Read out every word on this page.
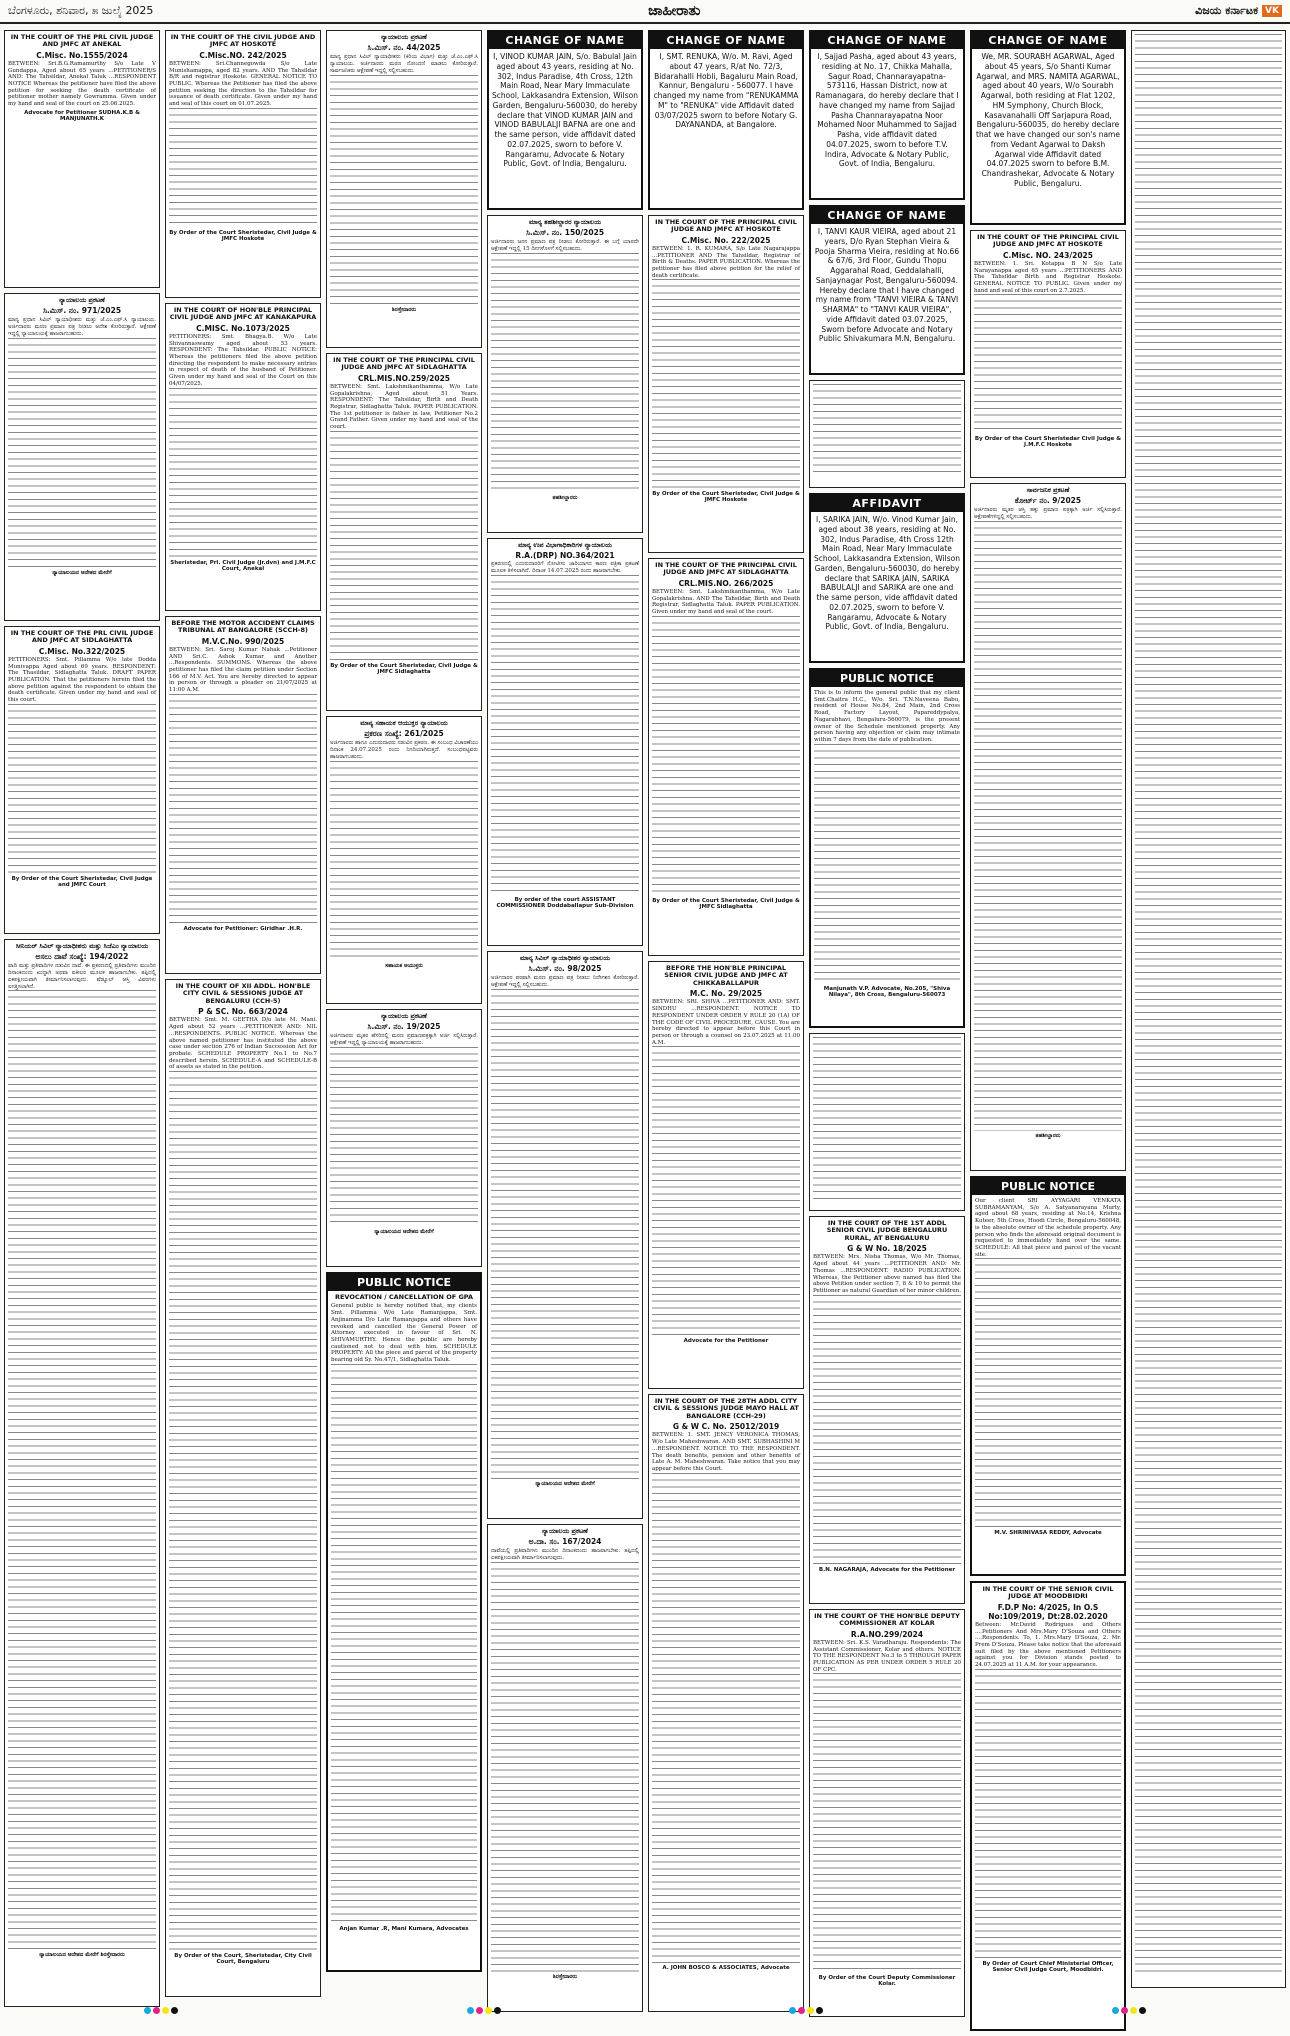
ಬೆಂಗಳೂರು, ಶನಿವಾರ, ೫ ಜುಲೈ 2025	ಜಾಹೀರಾತು	ವಿಜಯ ಕರ್ನಾಟಕ VK
IN THE COURT OF THE PRL CIVIL JUDGE AND JMFC AT ANEKAL
C.Misc. No.1555/2024

BETWEEN: Sri.B.G.Ramamurthy S/o Late V Gundappa, Aged about 65 years ...PETITIONER/S AND: The Tahsildar, Anekal Taluk ...RESPONDENT NOTICE Whereas the petitioner have filed the above petition for seeking the death certificate of petitioner mother namely Gowramma. Given under my hand and seal of the court on 25.06.2025.

Advocate for Petitioner SUDHA.K.B & MANJUNATH.K
ನ್ಯಾಯಾಲಯ ಪ್ರಕಟಣೆ
ಸಿ.ಮಿಸ್. ನಂ. 971/2025

ಮಾನ್ಯ ಪ್ರಧಾನ ಸಿವಿಲ್ ನ್ಯಾಯಾಧೀಶರು ಮತ್ತು ಜೆ.ಎಂ.ಎಫ್.ಸಿ ನ್ಯಾಯಾಲಯ. ಅರ್ಜಿದಾರರು ಮರಣ ಪ್ರಮಾಣ ಪತ್ರ ನೀಡಲು ಆದೇಶ ಕೋರಿರುತ್ತಾರೆ. ಆಕ್ಷೇಪಣೆ ಇದ್ದಲ್ಲಿ ನ್ಯಾಯಾಲಯಕ್ಕೆ ಹಾಜರಾಗಬಹುದು.

ನ್ಯಾಯಾಲಯದ ಆದೇಶದ ಮೇರೆಗೆ
IN THE COURT OF THE PRL CIVIL JUDGE AND JMFC AT SIDLAGHATTA
C.Misc. No.322/2025

PETITIONERS: Smt. Pillamma W/o late Dodda Munivappa Aged about 69 years. RESPONDENT: The Thasildar, Sidlaghatta Taluk. DRAFT PAPER PUBLICATION. That the petitioners herein filed the above petition against the respondent to obtain the death certificate. Given under my hand and seal of this court.

By Order of the Court Sheristedar, Civil Judge and JMFC Court
ಸೀನಿಯರ್ ಸಿವಿಲ್ ನ್ಯಾಯಾಧೀಶರು ಮತ್ತು ಸಿಜೆಎಂ ನ್ಯಾಯಾಲಯ
ಅಸಲು ದಾವೆ ಸಂಖ್ಯೆ: 194/2022

ವಾದಿ ಮತ್ತು ಪ್ರತಿವಾದಿಗಳ ನಡುವಿನ ದಾವೆ. ಈ ಪ್ರಕರಣದಲ್ಲಿ ಪ್ರತಿವಾದಿಗಳು ಮುಂದಿನ ದಿನಾಂಕದಂದು ಖುದ್ದಾಗಿ ಅಥವಾ ವಕೀಲರ ಮೂಲಕ ಹಾಜರಾಗಬೇಕು. ತಪ್ಪಿದಲ್ಲಿ ಏಕಪಕ್ಷೀಯವಾಗಿ ತೀರ್ಮಾನಿಸಲಾಗುವುದು. ಷೆಡ್ಯೂಲ್ ಆಸ್ತಿ ವಿವರಗಳು ಲಗತ್ತಿಸಲಾಗಿದೆ.

ನ್ಯಾಯಾಲಯದ ಆದೇಶದ ಮೇರೆಗೆ ಶಿರಸ್ತೇದಾರರು
IN THE COURT OF THE CIVIL JUDGE AND JMFC AT HOSKOTE
C.Misc.NO. 242/2025

BETWEEN: Sri.Channegowda S/o Late Munishamappa, aged 82 years. AND The Tahsildar B/R and registrar Hoskote. GENERAL NOTICE TO PUBLIC. Whereas the Petitioner has filed the above petition seeking the direction to the Tahsildar for issuance of death certificate. Given under my hand and seal of this court on 01.07.2025.

By Order of the Court Sheristedar, Civil Judge & JMFC Hoskote
IN THE COURT OF HON'BLE PRINCIPAL CIVIL JUDGE AND JMFC AT KANAKAPURA
C.MISC. No.1073/2025

PETITIONERS: Smt. Bhagya.B. W/o Late Shivannaswamy aged about 53 years. RESPONDENT: The Tahsildar. PUBLIC NOTICE: Whereas the petitioners filed the above petition directing the respondent to make necessary entries in respect of death of the husband of Petitioner. Given under my hand and seal of the Court on this 04/07/2025.

Sheristedar, Prl. Civil Judge (Jr.dvn) and J.M.F.C Court, Anekal
BEFORE THE MOTOR ACCIDENT CLAIMS TRIBUNAL AT BANGALORE (SCCH-8)
M.V.C.No. 990/2025

BETWEEN: Sri. Saroj Kumar Nahak ...Petitioner AND Sri.C. Ashok Kumar and Another ...Respondents. SUMMONS. Whereas the above petitioner has filed the claim petition under Section 166 of M.V. Act. You are hereby directed to appear in person or through a pleader on 21/07/2025 at 11:00 A.M.

Advocate for Petitioner: Giridhar .H.R.
IN THE COURT OF XII ADDL. HON'BLE CITY CIVIL & SESSIONS JUDGE AT BENGALURU (CCH-5)
P & SC. No. 663/2024

BETWEEN: Smt. M. GEETHA D/o late M. Mani. Aged about 52 years ...PETITIONER AND: NIL ...RESPONDENTS. PUBLIC NOTICE. Whereas the above named petitioner has instituted the above case under section 276 of Indian Succession Act for probate. SCHEDULE PROPERTY No.1 to No.7 described herein. SCHEDULE-A and SCHEDULE-B of assets as stated in the petition.

By Order of the Court, Sheristedar, City Civil Court, Bengaluru
ನ್ಯಾಯಾಲಯ ಪ್ರಕಟಣೆ
ಸಿ.ಮಿಸ್. ನಂ. 44/2025

ಮಾನ್ಯ ಪ್ರಧಾನ ಸಿವಿಲ್ ನ್ಯಾಯಾಧೀಶರು (ಕಿರಿಯ ವಿಭಾಗ) ಮತ್ತು ಜೆ.ಎಂ.ಎಫ್.ಸಿ ನ್ಯಾಯಾಲಯ. ಅರ್ಜಿದಾರರು ಮರಣ ನೋಂದಣಿ ಮಾಡಲು ಕೋರಿರುತ್ತಾರೆ. ಸಾರ್ವಜನಿಕರು ಆಕ್ಷೇಪಣೆ ಇದ್ದಲ್ಲಿ ಸಲ್ಲಿಸಬಹುದು.

ಶಿರಸ್ತೇದಾರರು
IN THE COURT OF THE PRINCIPAL CIVIL JUDGE AND JMFC AT SIDLAGHATTA
CRL.MIS.NO.259/2025

BETWEEN: Smt. Lakshmikanthamma, W/o Late Gopalakrishna, Aged about 51 Years. RESPONDENT: The Tahsildar, Birth and Death Registrar, Sidlaghatta Taluk. PAPER PUBLICATION. The 1st petitioner is father in law, Petitioner No.2 Grand Father. Given under my hand and seal of the court.

By Order of the Court Sheristedar, Civil Judge & JMFC Sidlaghatta
ಮಾನ್ಯ ಸಹಾಯಕ ಆಯುಕ್ತರ ನ್ಯಾಯಾಲಯ
ಪ್ರಕರಣ ಸಂಖ್ಯೆ: 261/2025

ಅರ್ಜಿದಾರರು ಹಾಗೂ ಎದುರುದಾರರು ನಡುವಿನ ಪ್ರಕರಣ. ಈ ಸಂಬಂಧ ವಿಚಾರಣೆಯು ದಿನಾಂಕ 24.07.2025 ರಂದು ನಿಗದಿಯಾಗಿರುತ್ತದೆ. ಸಂಬಂಧಪಟ್ಟವರು ಹಾಜರಾಗಬಹುದು.

ಸಹಾಯಕ ಆಯುಕ್ತರು
ನ್ಯಾಯಾಲಯ ಪ್ರಕಟಣೆ
ಸಿ.ಮಿಸ್. ನಂ. 19/2025

ಅರ್ಜಿದಾರರು ಮೃತರ ಹೆಸರಿನಲ್ಲಿ ಮರಣ ಪ್ರಮಾಣಪತ್ರಕ್ಕಾಗಿ ಅರ್ಜಿ ಸಲ್ಲಿಸಿರುತ್ತಾರೆ. ಆಕ್ಷೇಪಣೆ ಇದ್ದಲ್ಲಿ ನ್ಯಾಯಾಲಯಕ್ಕೆ ಹಾಜರಾಗಬಹುದು.

ನ್ಯಾಯಾಲಯದ ಆದೇಶದ ಮೇರೆಗೆ
PUBLIC NOTICE
REVOCATION / CANCELLATION OF GPA

General public is hereby notified that, my clients Smt. Pillamma W/o Late Ramanjappa, Smt. Anjinamma D/o Late Ramanjappa and others have revoked and cancelled the General Power of Attorney executed in favour of Sri. N. SHIVAMURTHY. Hence the public are hereby cautioned not to deal with him. SCHEDULE PROPERTY: All the piece and parcel of the property bearing old Sy. No.47/1, Sidlaghatta Taluk.

Anjan Kumar .R, Mani Kumara, Advocates
CHANGE OF NAME
I, VINOD KUMAR JAIN, S/o. Babulal Jain aged about 43 years, residing at No. 302, Indus Paradise, 4th Cross, 12th Main Road, Near Mary Immaculate School, Lakkasandra Extension, Wilson Garden, Bengaluru-560030, do hereby declare that VINOD KUMAR JAIN and VINOD BABULALJI BAFNA are one and the same person, vide affidavit dated 02.07.2025, sworn to before V. Rangaramu, Advocate & Notary Public, Govt. of India, Bengaluru.
ಮಾನ್ಯ ತಹಶೀಲ್ದಾರರ ನ್ಯಾಯಾಲಯ
ಸಿ.ಮಿಸ್. ನಂ. 150/2025

ಅರ್ಜಿದಾರರು ಜನನ ಪ್ರಮಾಣ ಪತ್ರ ನೀಡಲು ಕೋರಿರುತ್ತಾರೆ. ಈ ಬಗ್ಗೆ ಯಾರದೇ ಆಕ್ಷೇಪಣೆ ಇದ್ದಲ್ಲಿ 15 ದಿನಗಳೊಳಗೆ ಸಲ್ಲಿಸಬಹುದು.

ತಹಶೀಲ್ದಾರರು
ಮಾನ್ಯ ಉಪ ವಿಭಾಗಾಧಿಕಾರಿಗಳ ನ್ಯಾಯಾಲಯ
R.A.(DRP) NO.364/2021

ಪ್ರಕರಣದಲ್ಲಿ ಎದುರುದಾರರಿಗೆ ನೋಟೀಸು ಜಾರಿಯಾಗದ ಕಾರಣ ಪತ್ರಿಕಾ ಪ್ರಕಟಣೆ ಮೂಲಕ ತಿಳಿಸಲಾಗಿದೆ. ದಿನಾಂಕ 14.07.2025 ರಂದು ಹಾಜರಾಗಬೇಕು.

By order of the court ASSISTANT COMMISSIONER Doddaballapur Sub-Division
ಮಾನ್ಯ ಸಿವಿಲ್ ನ್ಯಾಯಾಧೀಶರ ನ್ಯಾಯಾಲಯ
ಸಿ.ಮಿಸ್. ನಂ. 98/2025

ಅರ್ಜಿದಾರರ ಪರವಾಗಿ ಮರಣ ಪ್ರಮಾಣ ಪತ್ರ ನೀಡಲು ನಿರ್ದೇಶನ ಕೋರಿರುತ್ತಾರೆ. ಆಕ್ಷೇಪಣೆ ಇದ್ದಲ್ಲಿ ಸಲ್ಲಿಸಬಹುದು.

ನ್ಯಾಯಾಲಯದ ಆದೇಶದ ಮೇರೆಗೆ
ನ್ಯಾಯಾಲಯ ಪ್ರಕಟಣೆ
ಅ.ದಾ. ಸಂ. 167/2024

ದಾವೆಯಲ್ಲಿ ಪ್ರತಿವಾದಿಗಳು ಮುಂದಿನ ದಿನಾಂಕದಂದು ಹಾಜರಾಗಬೇಕು. ತಪ್ಪಿದಲ್ಲಿ ಏಕಪಕ್ಷೀಯವಾಗಿ ತೀರ್ಮಾನಿಸಲಾಗುವುದು.

ಶಿರಸ್ತೇದಾರರು
CHANGE OF NAME
I, SMT. RENUKA, W/o. M. Ravi, Aged about 47 years, R/at No. 72/3, Bidarahalli Hobli, Bagaluru Main Road, Kannur, Bengaluru - 560077. I have changed my name from "RENUKAMMA M" to "RENUKA" vide Affidavit dated 03/07/2025 sworn to before Notary G. DAYANANDA, at Bangalore.
IN THE COURT OF THE PRINCIPAL CIVIL JUDGE AND JMFC AT HOSKOTE
C.Misc. No. 222/2025

BETWEEN: 1. R. KUMARA, S/o Late Nagarajappa ...PETITIONER AND The Tahsildar, Registrar of Birth & Deaths. PAPER PUBLICATION. Whereas the petitioner has filed above petition for the relief of death certificate.

By Order of the Court Sheristedar, Civil Judge & JMFC Hoskote
IN THE COURT OF THE PRINCIPAL CIVIL JUDGE AND JMFC AT SIDLAGHATTA
CRL.MIS.NO. 266/2025

BETWEEN: Smt. Lakshmikanthamma, W/o Late Gopalakrishna. AND The Tahsildar, Birth and Death Registrar, Sidlaghatta Taluk. PAPER PUBLICATION. Given under my hand and seal of the court.

By Order of the Court Sheristedar, Civil Judge & JMFC Sidlaghatta
BEFORE THE HON'BLE PRINCIPAL SENIOR CIVIL JUDGE AND JMFC AT CHIKKABALLAPUR
M.C. No. 29/2025

BETWEEN: SRI. SHIVA ...PETITIONER AND: SMT. SINDHU ...RESPONDENT. NOTICE TO RESPONDENT UNDER ORDER V RULE 20 (1A) OF THE CODE OF CIVIL PROCEDURE, CAUSE. You are hereby directed to appear before this Court in person or through a counsel on 23.07.2025 at 11.00 A.M.

Advocate for the Petitioner
IN THE COURT OF THE 28TH ADDL CITY CIVIL & SESSIONS JUDGE MAYO HALL AT BANGALORE (CCH-29)
G & W C. No. 25012/2019

BETWEEN: 1. SMT. JENCY VERONICA THOMAS, W/o Late Maheshwaran. AND SMT. SUBHASHINI M ...RESPONDENT. NOTICE TO THE RESPONDENT. The death benefits, pension and other benefits of Late A. M. Maheshwaran. Take notice that you may appear before this Court.

A. JOHN BOSCO & ASSOCIATES, Advocate
CHANGE OF NAME
I, Sajjad Pasha, aged about 43 years, residing at No. 17, Chikka Mahalla, Sagur Road, Channarayapatna-573116, Hassan District, now at Ramanagara, do hereby declare that I have changed my name from Sajjad Pasha Channarayapatna Noor Mohamed Noor Muhammed to Sajjad Pasha, vide affidavit dated 04.07.2025, sworn to before T.V. Indira, Advocate & Notary Public, Govt. of India, Bengaluru.
CHANGE OF NAME
I, TANVI KAUR VIEIRA, aged about 21 years, D/o Ryan Stephan Vieira & Pooja Sharma Vieira, residing at No.66 & 67/6, 3rd Floor, Gundu Thopu Aggarahal Road, Geddalahalli, Sanjaynagar Post, Bengaluru-560094. Hereby declare that I have changed my name from "TANVI VIEIRA & TANVI SHARMA" to "TANVI KAUR VIEIRA", vide Affidavit dated 03.07.2025, Sworn before Advocate and Notary Public Shivakumara M.N, Bengaluru.
AFFIDAVIT
I, SARIKA JAIN, W/o. Vinod Kumar Jain, aged about 38 years, residing at No. 302, Indus Paradise, 4th Cross 12th Main Road, Near Mary Immaculate School, Lakkasandra Extension, Wilson Garden, Bengaluru-560030, do hereby declare that SARIKA JAIN, SARIKA BABULALJI and SARIKA are one and the same person, vide affidavit dated 02.07.2025, sworn to before V. Rangaramu, Advocate & Notary Public, Govt. of India, Bengaluru.
PUBLIC NOTICE

This is to inform the general public that my client Smt.Chaitra H.C., W/o. Sri. T.N.Naveena Babu, resident of House No.84, 2nd Main, 2nd Cross Road, Factory Layout, Papareddypalya, Nagarabhavi, Bengaluru-560079, is the present owner of the Schedule mentioned property. Any person having any objection or claim may intimate within 7 days from the date of publication.

Manjunath V.P. Advocate, No.205, "Shiva Nilaya", 8th Cross, Bengaluru-560073
IN THE COURT OF THE 1ST ADDL SENIOR CIVIL JUDGE BENGALURU RURAL, AT BENGALURU
G & W No. 18/2025

BETWEEN: Mrs. Nisha Thomas, W/o Mr. Thomas, Aged about 44 years ...PETITIONER AND: Mr. Thomas ...RESPONDENT. RADIO PUBLICATION. Whereas, the Petitioner above named has filed the above Petition under section 7, 8 & 10 to permit the Petitioner as natural Guardian of her minor children.

B.N. NAGARAJA, Advocate for the Petitioner
IN THE COURT OF THE HON'BLE DEPUTY COMMISSIONER AT KOLAR
R.A.NO.299/2024

BETWEEN: Sri. K.S. Varadharaju. Respondents: The Assistant Commissioner, Kolar and others. NOTICE TO THE RESPONDENT No.3 to 5 THROUGH PAPER PUBLICATION AS PER UNDER ORDER 5 RULE 20 OF CPC.

By Order of the Court Deputy Commissioner Kolar.
CHANGE OF NAME
We, MR. SOURABH AGARWAL, Aged about 45 years, S/o Shanti Kumar Agarwal, and MRS. NAMITA AGARWAL, aged about 40 years, W/o Sourabh Agarwal, both residing at Flat 1202, HM Symphony, Church Block, Kasavanahalli Off Sarjapura Road, Bengaluru-560035, do hereby declare that we have changed our son's name from Vedant Agarwal to Daksh Agarwal vide Affidavit dated 04.07.2025 sworn to before B.M. Chandrashekar, Advocate & Notary Public, Bengaluru.
IN THE COURT OF THE PRINCIPAL CIVIL JUDGE AND JMFC AT HOSKOTE
C.Misc. NO. 243/2025

BETWEEN: 1. Sri. Kotappa B N S/o Late Narayanappa aged 65 years ...PETITIONERS AND The Tahsildar Birth and Registrar Hoskote. GENERAL NOTICE TO PUBLIC. Given under my hand and seal of this court on 2.7.2025.

By Order of the Court Sheristedar Civil Judge & J.M.F.C Hoskote
ಸಾರ್ವಜನಿಕ ಪ್ರಕಟಣೆ
ಕೋರ್ಟ್ ನಂ. 9/2025

ಅರ್ಜಿದಾರರು ಮೃತರ ಆಸ್ತಿ ಹಕ್ಕು ಪ್ರಮಾಣ ಪತ್ರಕ್ಕಾಗಿ ಅರ್ಜಿ ಸಲ್ಲಿಸಿರುತ್ತಾರೆ. ಆಕ್ಷೇಪಣೆಗಳಿದ್ದಲ್ಲಿ ಸಲ್ಲಿಸಬಹುದು.

ತಹಶೀಲ್ದಾರರು
PUBLIC NOTICE

Our client SRI AYYAGARI VENKATA SUBRAMANYAM, S/o A. Satyanarayana Murty, aged about 68 years, residing at No.14, Krishna Kuteer, 5th Cross, Hoodi Circle, Bengaluru-560048, is the absolute owner of the schedule property. Any person who finds the aforesaid original document is requested to immediately hand over the same. SCHEDULE: All that piece and parcel of the vacant site.

M.V. SHRINIVASA REDDY, Advocate
IN THE COURT OF THE SENIOR CIVIL JUDGE AT MOODBIDRI
F.D.P No: 4/2025, In O.S No:109/2019, Dt:28.02.2020

Between: Mr.David Rodrigues and Others ....Petitioners And Mrs.Mary D'Souza and Others ....Respondents. To, 1. Mrs.Mary D'Souza, 2. Mr. Prem D'Souza. Please take notice that the aforesaid suit filed by the above mentioned Petitioners against you for Division stands posted to 24.07.2025 at 11 A.M. for your appearance.

By Order of Court Chief Ministerial Officer, Senior Civil Judge Court, Moodbidri.
